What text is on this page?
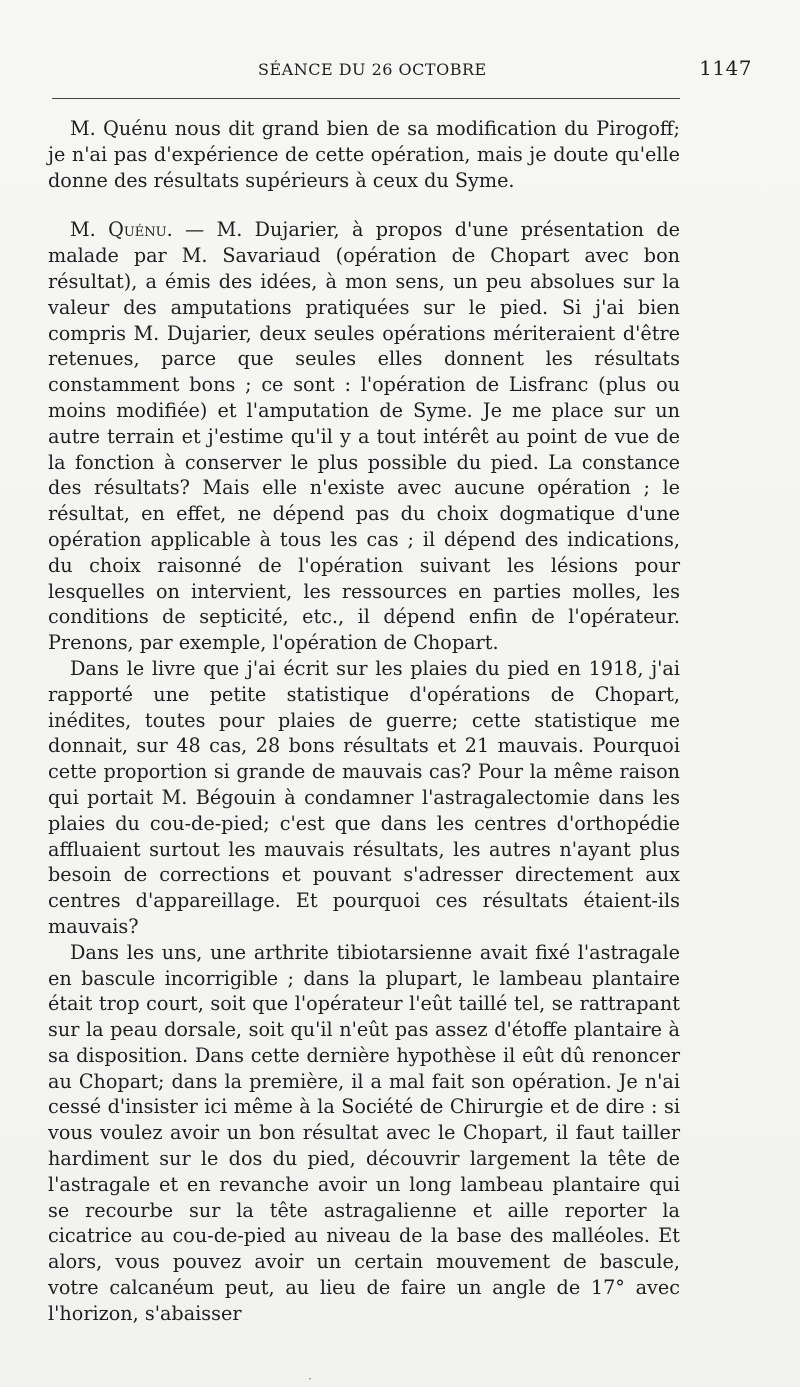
SÉANCE DU 26 OCTOBRE	1147

M. Quénu nous dit grand bien de sa modification du Pirogoff; je n'ai pas d'expérience de cette opération, mais je doute qu'elle donne des résultats supérieurs à ceux du Syme.

M. Quénu. — M. Dujarier, à propos d'une présentation de malade par M. Savariaud (opération de Chopart avec bon résultat), a émis des idées, à mon sens, un peu absolues sur la valeur des amputations pratiquées sur le pied. Si j'ai bien compris M. Dujarier, deux seules opérations mériteraient d'être retenues, parce que seules elles donnent les résultats constamment bons ; ce sont : l'opération de Lisfranc (plus ou moins modifiée) et l'amputation de Syme. Je me place sur un autre terrain et j'estime qu'il y a tout intérêt au point de vue de la fonction à conserver le plus possible du pied. La constance des résultats? Mais elle n'existe avec aucune opération ; le résultat, en effet, ne dépend pas du choix dogmatique d'une opération applicable à tous les cas ; il dépend des indications, du choix raisonné de l'opération suivant les lésions pour lesquelles on intervient, les ressources en parties molles, les conditions de septicité, etc., il dépend enfin de l'opérateur. Prenons, par exemple, l'opération de Chopart.

Dans le livre que j'ai écrit sur les plaies du pied en 1918, j'ai rapporté une petite statistique d'opérations de Chopart, inédites, toutes pour plaies de guerre; cette statistique me donnait, sur 48 cas, 28 bons résultats et 21 mauvais. Pourquoi cette proportion si grande de mauvais cas? Pour la même raison qui portait M. Bégouin à condamner l'astragalectomie dans les plaies du cou-de-pied; c'est que dans les centres d'orthopédie affluaient surtout les mauvais résultats, les autres n'ayant plus besoin de corrections et pouvant s'adresser directement aux centres d'appareillage. Et pourquoi ces résultats étaient-ils mauvais?

Dans les uns, une arthrite tibiotarsienne avait fixé l'astragale en bascule incorrigible ; dans la plupart, le lambeau plantaire était trop court, soit que l'opérateur l'eût taillé tel, se rattrapant sur la peau dorsale, soit qu'il n'eût pas assez d'étoffe plantaire à sa disposition. Dans cette dernière hypothèse il eût dû renoncer au Chopart; dans la première, il a mal fait son opération. Je n'ai cessé d'insister ici même à la Société de Chirurgie et de dire : si vous voulez avoir un bon résultat avec le Chopart, il faut tailler hardiment sur le dos du pied, découvrir largement la tête de l'astragale et en revanche avoir un long lambeau plantaire qui se recourbe sur la tête astragalienne et aille reporter la cicatrice au cou-de-pied au niveau de la base des malléoles. Et alors, vous pouvez avoir un certain mouvement de bascule, votre calcanéum peut, au lieu de faire un angle de 17° avec l'horizon, s'abaisser

·
